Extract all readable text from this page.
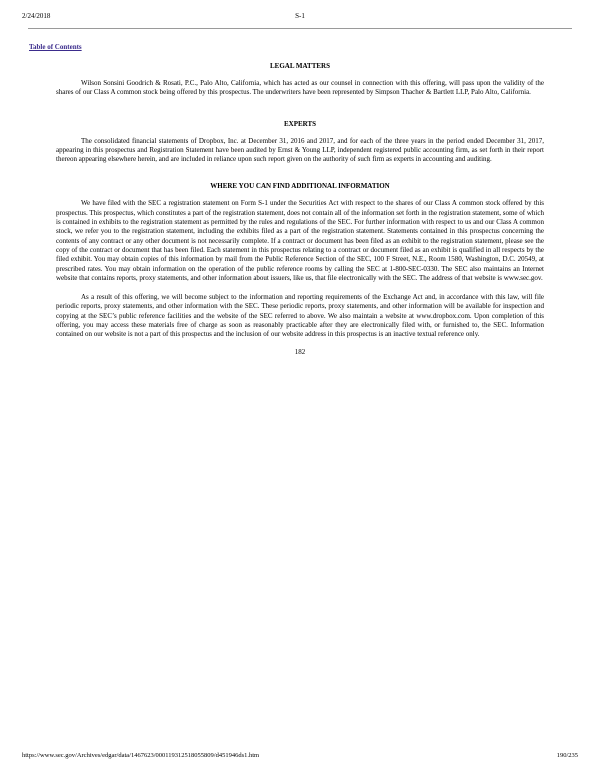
2/24/2018	S-1
Table of Contents
LEGAL MATTERS

Wilson Sonsini Goodrich & Rosati, P.C., Palo Alto, California, which has acted as our counsel in connection with this offering, will pass upon the validity of the shares of our Class A common stock being offered by this prospectus. The underwriters have been represented by Simpson Thacher & Bartlett LLP, Palo Alto, California.

EXPERTS

The consolidated financial statements of Dropbox, Inc. at December 31, 2016 and 2017, and for each of the three years in the period ended December 31, 2017, appearing in this prospectus and Registration Statement have been audited by Ernst & Young LLP, independent registered public accounting firm, as set forth in their report thereon appearing elsewhere herein, and are included in reliance upon such report given on the authority of such firm as experts in accounting and auditing.

WHERE YOU CAN FIND ADDITIONAL INFORMATION

We have filed with the SEC a registration statement on Form S-1 under the Securities Act with respect to the shares of our Class A common stock offered by this prospectus. This prospectus, which constitutes a part of the registration statement, does not contain all of the information set forth in the registration statement, some of which is contained in exhibits to the registration statement as permitted by the rules and regulations of the SEC. For further information with respect to us and our Class A common stock, we refer you to the registration statement, including the exhibits filed as a part of the registration statement. Statements contained in this prospectus concerning the contents of any contract or any other document is not necessarily complete. If a contract or document has been filed as an exhibit to the registration statement, please see the copy of the contract or document that has been filed. Each statement in this prospectus relating to a contract or document filed as an exhibit is qualified in all respects by the filed exhibit. You may obtain copies of this information by mail from the Public Reference Section of the SEC, 100 F Street, N.E., Room 1580, Washington, D.C. 20549, at prescribed rates. You may obtain information on the operation of the public reference rooms by calling the SEC at 1-800-SEC-0330. The SEC also maintains an Internet website that contains reports, proxy statements, and other information about issuers, like us, that file electronically with the SEC. The address of that website is www.sec.gov.

As a result of this offering, we will become subject to the information and reporting requirements of the Exchange Act and, in accordance with this law, will file periodic reports, proxy statements, and other information with the SEC. These periodic reports, proxy statements, and other information will be available for inspection and copying at the SEC’s public reference facilities and the website of the SEC referred to above. We also maintain a website at www.dropbox.com. Upon completion of this offering, you may access these materials free of charge as soon as reasonably practicable after they are electronically filed with, or furnished to, the SEC. Information contained on our website is not a part of this prospectus and the inclusion of our website address in this prospectus is an inactive textual reference only.

182
https://www.sec.gov/Archives/edgar/data/1467623/000119312518055809/d451946ds1.htm	190/235
